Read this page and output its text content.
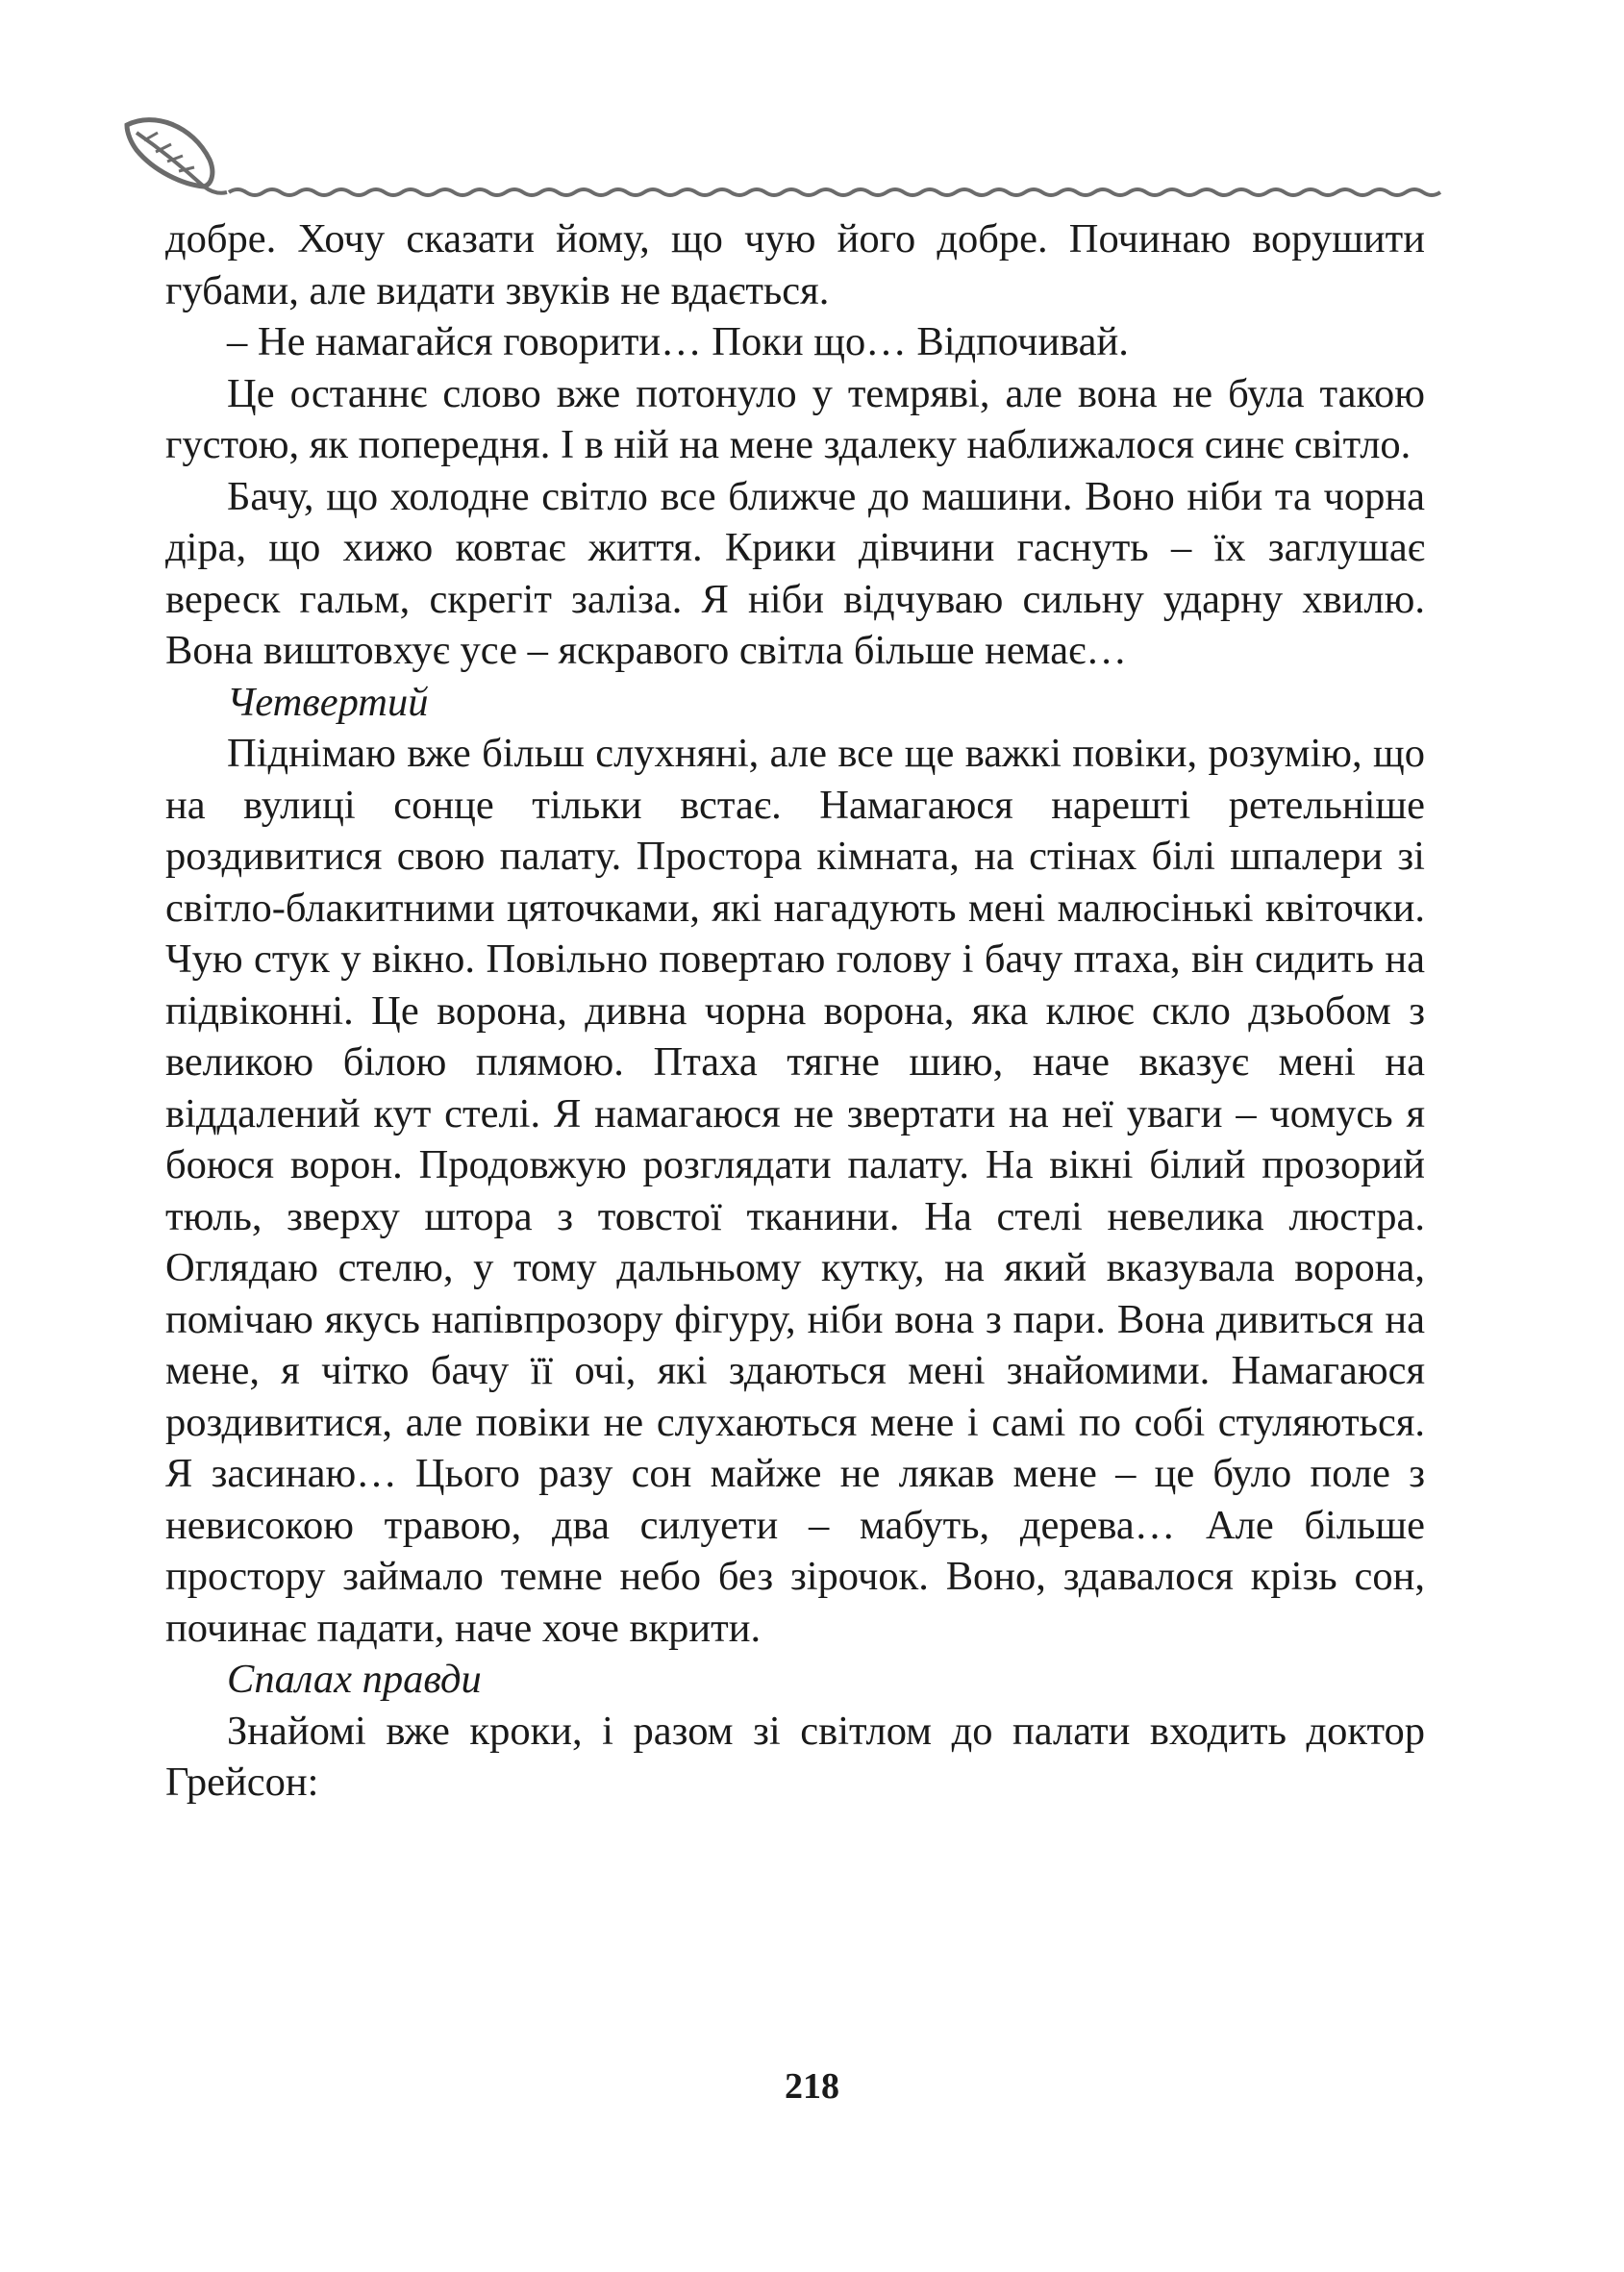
добре. Хочу сказати йому, що чую його добре. Починаю ворушити губами, але видати звуків не вдається.

– Не намагайся говорити… Поки що… Відпочивай.

Це останнє слово вже потонуло у темряві, але вона не була такою густою, як попередня. І в ній на мене здалеку наближалося синє світло.

Бачу, що холодне світло все ближче до машини. Воно ніби та чорна діра, що хижо ковтає життя. Крики дівчини гаснуть – їх заглушає вереск гальм, скрегіт заліза. Я ніби відчуваю сильну ударну хвилю. Вона виштовхує усе – яскравого світла більше немає…

Четвертий

Піднімаю вже більш слухняні, але все ще важкі повіки, розумію, що на вулиці сонце тільки встає. Намагаюся нарешті ретельніше роздивитися свою палату. Простора кімната, на стінах білі шпалери зі світло-блакитними цяточками, які нагадують мені малюсінькі квіточки. Чую стук у вікно. Повільно повертаю голову і бачу птаха, він сидить на підвіконні. Це ворона, дивна чорна ворона, яка клює скло дзьобом з великою білою плямою. Птаха тягне шию, наче вказує мені на віддалений кут стелі. Я намагаюся не звертати на неї уваги – чомусь я боюся ворон. Продовжую розглядати палату. На вікні білий прозорий тюль, зверху штора з товстої тканини. На стелі невелика люстра. Оглядаю стелю, у тому дальньому кутку, на який вказувала ворона, помічаю якусь напівпрозору фігуру, ніби вона з пари. Вона дивиться на мене, я чітко бачу її очі, які здаються мені знайомими. Намагаюся роздивитися, але повіки не слухаються мене і самі по собі стуляються. Я засинаю… Цього разу сон майже не лякав мене – це було поле з невисокою травою, два силуети – мабуть, дерева… Але більше простору займало темне небо без зірочок. Воно, здавалося крізь сон, починає падати, наче хоче вкрити.

Спалах правди

Знайомі вже кроки, і разом зі світлом до палати входить доктор Грейсон:

218
